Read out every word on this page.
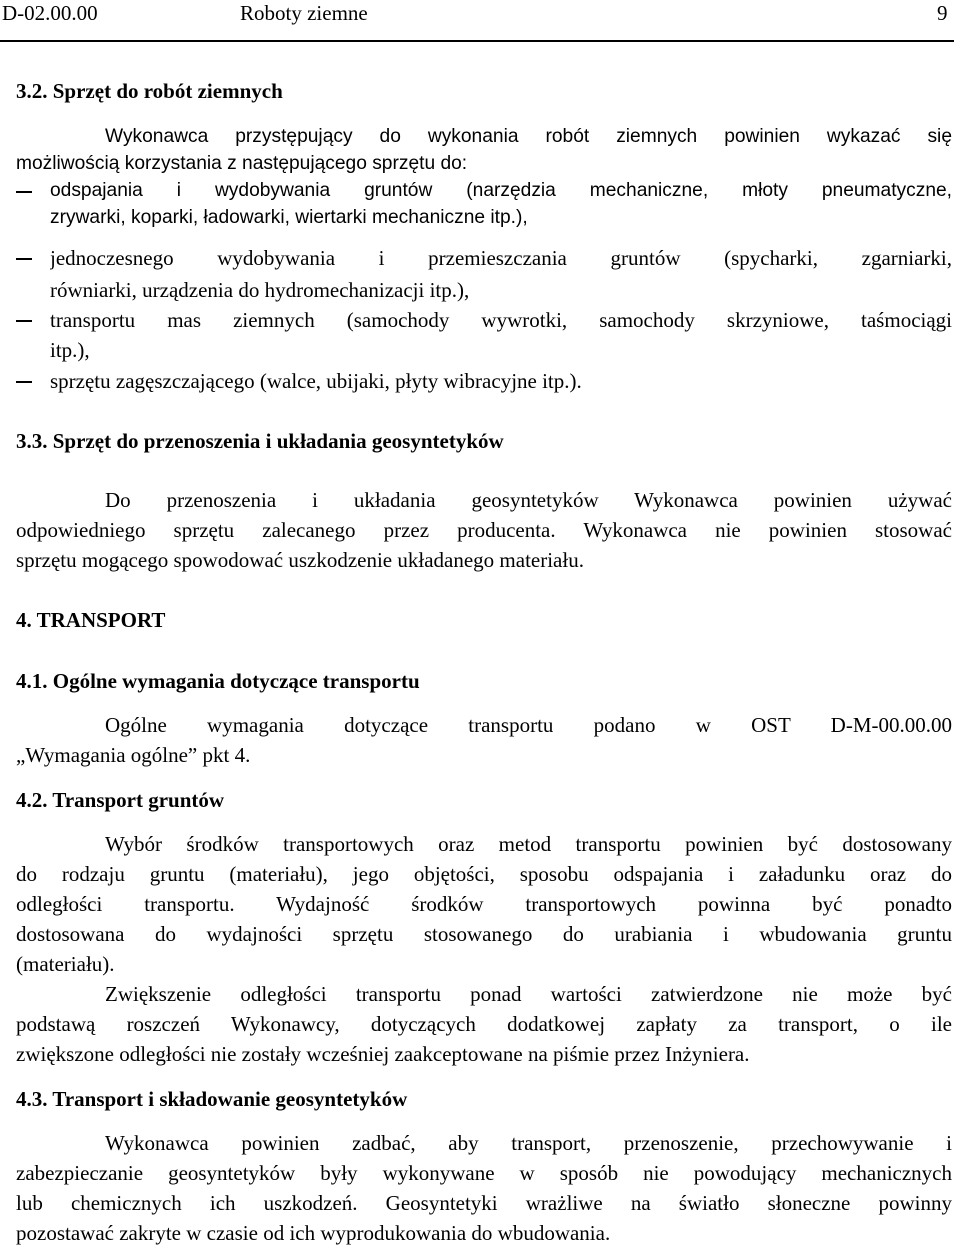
D-02.00.00	Roboty ziemne	9
3.2. Sprzęt do robót ziemnych
Wykonawca przystępujący do wykonania robót ziemnych powinien wykazać się
możliwością korzystania z następującego sprzętu do:
odspajania i wydobywania gruntów (narzędzia mechaniczne, młoty pneumatyczne,
zrywarki, koparki, ładowarki, wiertarki mechaniczne itp.),
jednoczesnego wydobywania i przemieszczania gruntów (spycharki, zgarniarki,
równiarki, urządzenia do hydromechanizacji itp.),
transportu mas ziemnych (samochody wywrotki, samochody skrzyniowe, taśmociągi
itp.),
sprzętu zagęszczającego (walce, ubijaki, płyty wibracyjne itp.).
3.3. Sprzęt do przenoszenia i układania geosyntetyków
Do przenoszenia i układania geosyntetyków Wykonawca powinien używać
odpowiedniego sprzętu zalecanego przez producenta. Wykonawca nie powinien stosować
sprzętu mogącego spowodować uszkodzenie układanego materiału.
4. TRANSPORT
4.1. Ogólne wymagania dotyczące transportu
Ogólne wymagania dotyczące transportu podano w OST D-M-00.00.00
„Wymagania ogólne” pkt 4.
4.2. Transport gruntów
Wybór środków transportowych oraz metod transportu powinien być dostosowany
do rodzaju gruntu (materiału), jego objętości, sposobu odspajania i załadunku oraz do
odległości transportu. Wydajność środków transportowych powinna być ponadto
dostosowana do wydajności sprzętu stosowanego do urabiania i wbudowania gruntu
(materiału).
Zwiększenie odległości transportu ponad wartości zatwierdzone nie może być
podstawą roszczeń Wykonawcy, dotyczących dodatkowej zapłaty za transport, o ile
zwiększone odległości nie zostały wcześniej zaakceptowane na piśmie przez Inżyniera.
4.3. Transport i składowanie geosyntetyków
Wykonawca powinien zadbać, aby transport, przenoszenie, przechowywanie i
zabezpieczanie geosyntetyków były wykonywane w sposób nie powodujący mechanicznych
lub chemicznych ich uszkodzeń. Geosyntetyki wrażliwe na światło słoneczne powinny
pozostawać zakryte w czasie od ich wyprodukowania do wbudowania.
